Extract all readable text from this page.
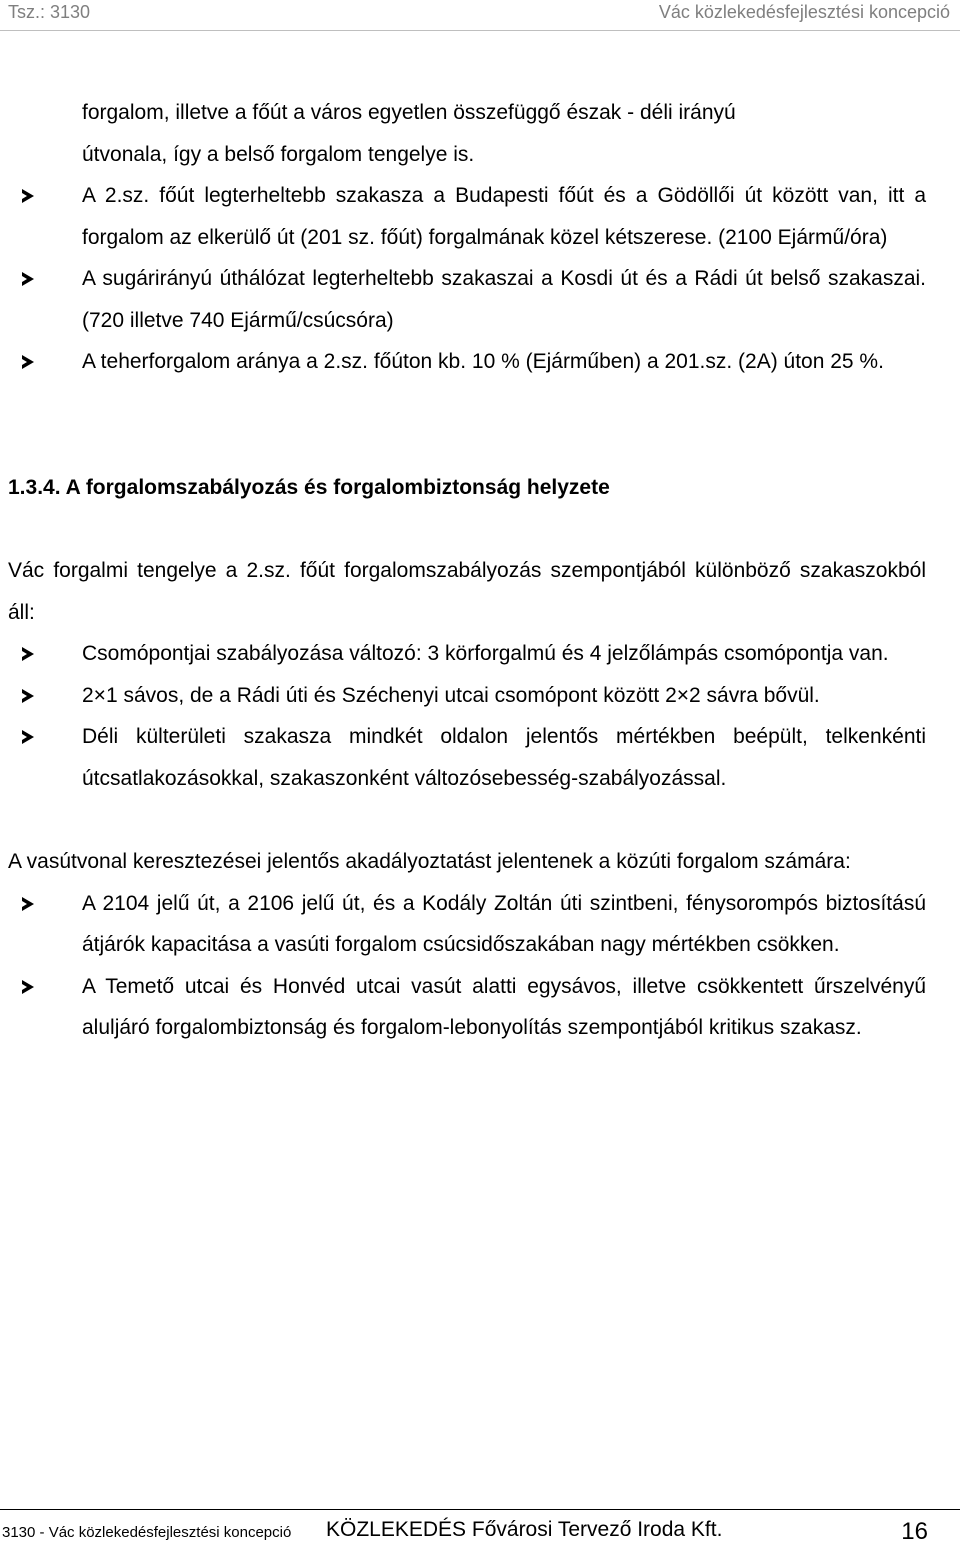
Tsz.: 3130	Vác közlekedésfejlesztési koncepció

forgalom, illetve a főút a város egyetlen összefüggő észak - déli irányú

útvonala, így a belső forgalom tengelye is.

A 2.sz. főút legterheltebb szakasza a Budapesti főút és a Gödöllői út között van, itt a forgalom az elkerülő út (201 sz. főút) forgalmának közel kétszerese. (2100 Ejármű/óra)
A sugárirányú úthálózat legterheltebb szakaszai a Kosdi út és a Rádi út belső szakaszai. (720 illetve 740 Ejármű/csúcsóra)
A teherforgalom aránya a 2.sz. főúton kb. 10 % (Ejárműben) a 201.sz. (2A) úton 25 %.

1.3.4. A forgalomszabályozás és forgalombiztonság helyzete

Vác forgalmi tengelye a 2.sz. főút forgalomszabályozás szempontjából különböző szakaszokból áll:

Csomópontjai szabályozása változó: 3 körforgalmú és 4 jelzőlámpás csomópontja van.
2×1 sávos, de a Rádi úti és Széchenyi utcai csomópont között 2×2 sávra bővül.
Déli külterületi szakasza mindkét oldalon jelentős mértékben beépült, telkenkénti útcsatlakozásokkal, szakaszonként változósebesség-szabályozással.

A vasútvonal keresztezései jelentős akadályoztatást jelentenek a közúti forgalom számára:

A 2104 jelű út, a 2106 jelű út, és a Kodály Zoltán úti szintbeni, fénysorompós biztosítású átjárók kapacitása a vasúti forgalom csúcsidőszakában nagy mértékben csökken.
A Temető utcai és Honvéd utcai vasút alatti egysávos, illetve csökkentett űrszelvényű aluljáró forgalombiztonság és forgalom-lebonyolítás szempontjából kritikus szakasz.
3130 - Vác közlekedésfejlesztési koncepció KÖZLEKEDÉS Fővárosi Tervező Iroda Kft.	16
